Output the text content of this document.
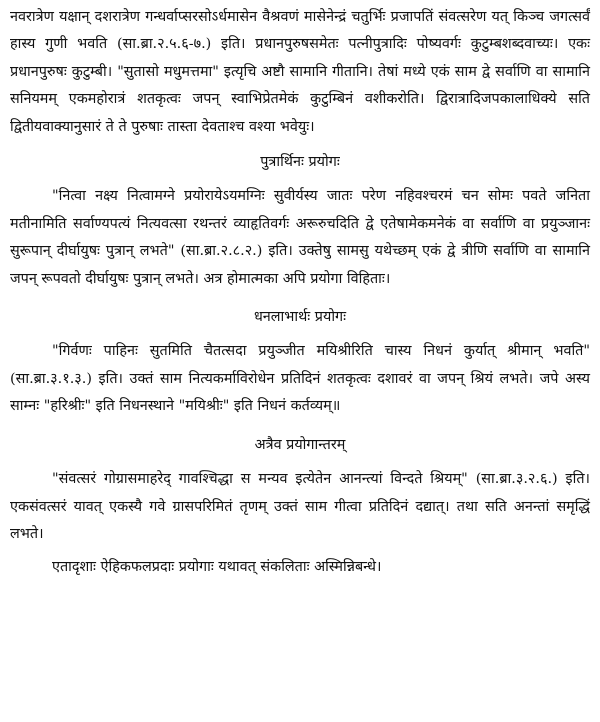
नवरात्रेण यक्षान् दशरात्रेण गन्धर्वाप्सरसोऽर्धमासेन वैश्रवणं मासेनेन्द्रं चतुर्भिः प्रजापतिं संवत्सरेण यत् किञ्च जगत्सर्वं हास्य गुणी भवति (सा.ब्रा.२.५.६-७.) इति। प्रधानपुरुषसमेतः पत्नीपुत्रादिः पोष्यवर्गः कुटुम्बशब्दवाच्यः। एकः प्रधानपुरुषः कुटुम्बी। "सुतासो मधुमत्तमा" इत्यृचि अष्टौ सामानि गीतानि। तेषां मध्ये एकं साम द्वे सर्वाणि वा सामानि सनियमम् एकमहोरात्रं शतकृत्वः जपन् स्वाभिप्रेतमेकं कुटुम्बिनं वशीकरोति। द्विरात्रादिजपकालाधिक्ये सति द्वितीयवाक्यानुसारं ते ते पुरुषाः तास्ता देवताश्च वश्या भवेयुः।

पुत्रार्थिनः प्रयोगः

"नित्वा नक्ष्य नित्वामग्ने प्रयोरायेऽयमग्निः सुवीर्यस्य जातः परेण नहिवश्चरमं चन सोमः पवते जनिता मतीनामिति सर्वाण्यपत्यं नित्यवत्सा रथन्तरं व्याहृतिवर्गः अरूरुचदिति द्वे एतेषामेकमनेकं वा सर्वाणि वा प्रयुञ्जानः सुरूपान् दीर्घायुषः पुत्रान् लभते" (सा.ब्रा.२.८.२.) इति। उक्तेषु सामसु यथेच्छम् एकं द्वे त्रीणि सर्वाणि वा सामानि जपन् रूपवतो दीर्घायुषः पुत्रान् लभते। अत्र होमात्मका अपि प्रयोगा विहिताः।

धनलाभार्थः प्रयोगः

"गिर्वणः पाहिनः सुतमिति चैतत्सदा प्रयुञ्जीत मयिश्रीरिति चास्य निधनं कुर्यात् श्रीमान् भवति" (सा.ब्रा.३.१.३.) इति। उक्तं साम नित्यकर्माविरोधेन प्रतिदिनं शतकृत्वः दशावरं वा जपन् श्रियं लभते। जपे अस्य साम्नः "हरिश्रीः" इति निधनस्थाने "मयिश्रीः" इति निधनं कर्तव्यम्॥

अत्रैव प्रयोगान्तरम्

"संवत्सरं गोग्रासमाहरेद् गावश्चिद्धा स मन्यव इत्येतेन आनन्त्यां विन्दते श्रियम्" (सा.ब्रा.३.२.६.) इति। एकसंवत्सरं यावत् एकस्यै गवे ग्रासपरिमितं तृणम् उक्तं साम गीत्वा प्रतिदिनं दद्यात्। तथा सति अनन्तां समृद्धिं लभते।

एतादृशाः ऐहिकफलप्रदाः प्रयोगाः यथावत् संकलिताः अस्मिन्निबन्धे।
